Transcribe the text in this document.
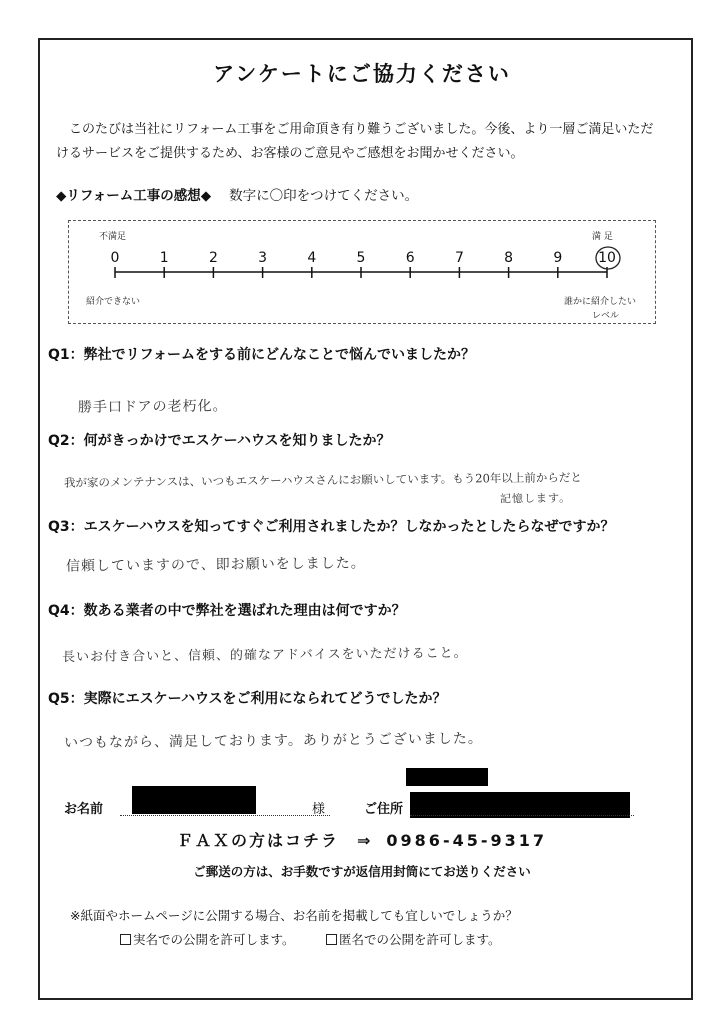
アンケートにご協力ください
このたびは当社にリフォーム工事をご用命頂き有り難うございました。今後、より一層ご満足いただけるサービスをご提供するため、お客様のご意見やご感想をお聞かせください。
◆リフォーム工事の感想◆ 数字に〇印をつけてください。
0	1	2	3	4	5	6	7	8	9	10
不満足
紹介できない
満 足
誰かに紹介したい
レベル
Q1：弊社でリフォームをする前にどんなことで悩んでいましたか？
勝手口ドアの老朽化。
Q2：何がきっかけでエスケーハウスを知りましたか？
我が家のメンテナンスは、いつもエスケーハウスさんにお願いしています。もう20年以上前からだと
記憶します。
Q3：エスケーハウスを知ってすぐご利用されましたか？しなかったとしたらなぜですか？
信頼していますので、即お願いをしました。
Q4：数ある業者の中で弊社を選ばれた理由は何ですか？
長いお付き合いと、信頼、的確なアドバイスをいただけること。
Q5：実際にエスケーハウスをご利用になられてどうでしたか？
いつもながら、満足しております。ありがとうございました。
お名前	様	ご住所
ＦＡＸの方はコチラ　⇒ 0986-45-9317
ご郵送の方は、お手数ですが返信用封筒にてお送りください
※紙面やホームページに公開する場合、お名前を掲載しても宜しいでしょうか？
実名での公開を許可します。	匿名での公開を許可します。
